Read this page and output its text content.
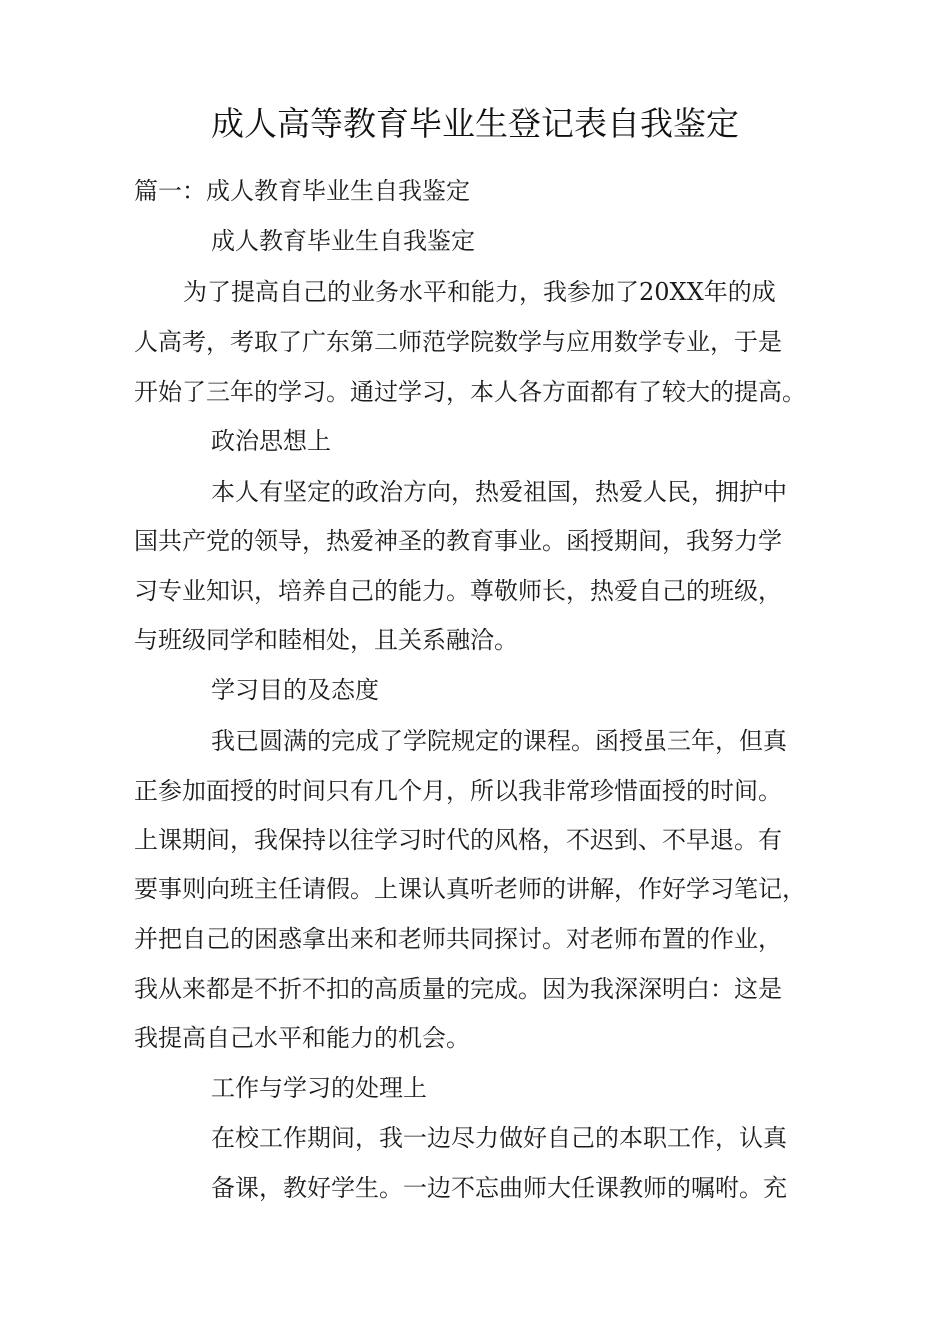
成人高等教育毕业生登记表自我鉴定
篇一：成人教育毕业生自我鉴定
成人教育毕业生自我鉴定
为了提高自己的业务水平和能力，我参加了20XX年的成
人高考，考取了广东第二师范学院数学与应用数学专业，于是
开始了三年的学习。通过学习，本人各方面都有了较大的提高。
政治思想上
本人有坚定的政治方向，热爱祖国，热爱人民，拥护中
国共产党的领导，热爱神圣的教育事业。函授期间，我努力学
习专业知识，培养自己的能力。尊敬师长，热爱自己的班级，
与班级同学和睦相处，且关系融洽。
学习目的及态度
我已圆满的完成了学院规定的课程。函授虽三年，但真
正参加面授的时间只有几个月，所以我非常珍惜面授的时间。
上课期间，我保持以往学习时代的风格，不迟到、不早退。有
要事则向班主任请假。上课认真听老师的讲解，作好学习笔记，
并把自己的困惑拿出来和老师共同探讨。对老师布置的作业，
我从来都是不折不扣的高质量的完成。因为我深深明白：这是
我提高自己水平和能力的机会。
工作与学习的处理上
在校工作期间，我一边尽力做好自己的本职工作，认真
备课，教好学生。一边不忘曲师大任课教师的嘱咐。充
